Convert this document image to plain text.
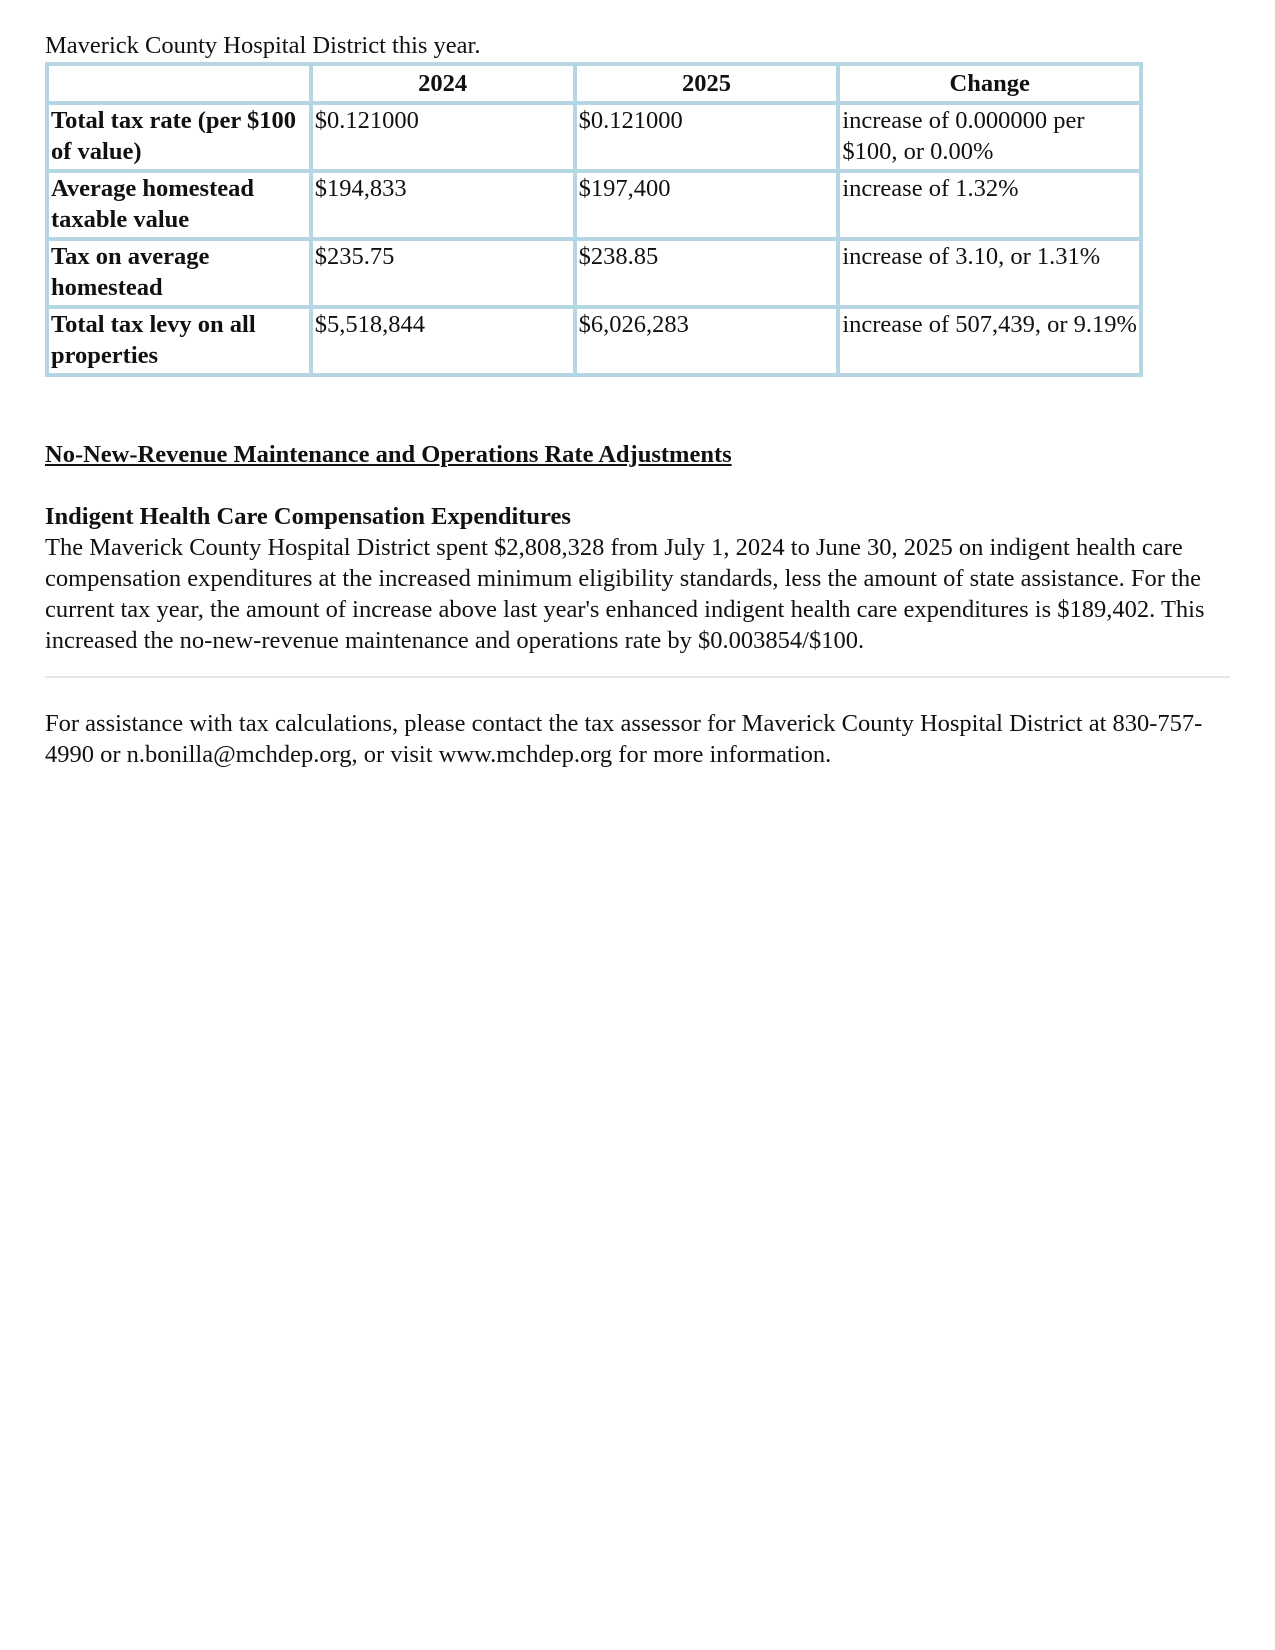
Maverick County Hospital District this year.

	2024	2025	Change
Total tax rate (per $100 of value)	$0.121000	$0.121000	increase of 0.000000 per $100, or 0.00%
Average homestead taxable value	$194,833	$197,400	increase of 1.32%
Tax on average homestead	$235.75	$238.85	increase of 3.10, or 1.31%
Total tax levy on all properties	$5,518,844	$6,026,283	increase of 507,439, or 9.19%

No-New-Revenue Maintenance and Operations Rate Adjustments

Indigent Health Care Compensation Expenditures

The Maverick County Hospital District spent $2,808,328 from July 1, 2024 to June 30, 2025 on indigent health care compensation expenditures at the increased minimum eligibility standards, less the amount of state assistance. For the current tax year, the amount of increase above last year's enhanced indigent health care expenditures is $189,402. This increased the no-new-revenue maintenance and operations rate by $0.003854/$100.

For assistance with tax calculations, please contact the tax assessor for Maverick County Hospital District at 830-757-4990 or n.bonilla@mchdep.org, or visit www.mchdep.org for more information.
